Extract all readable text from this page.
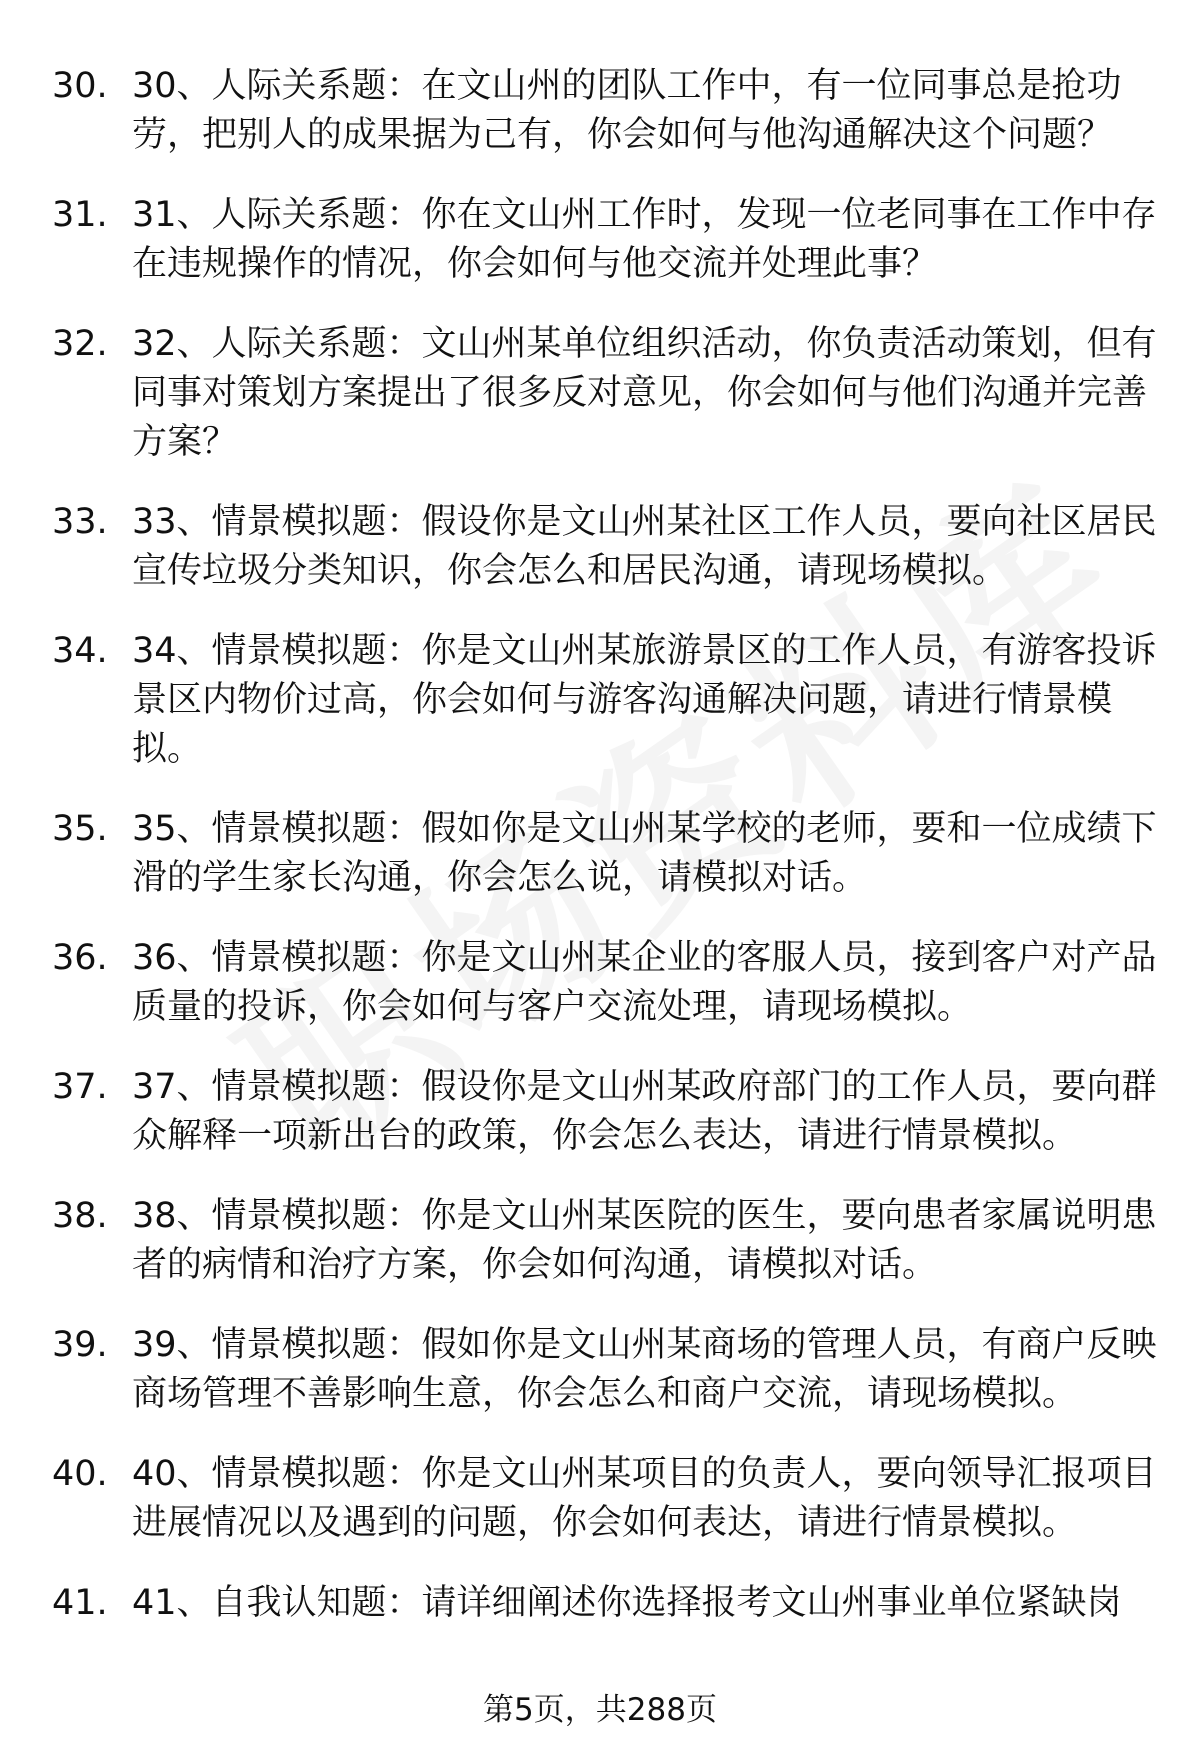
30. 30、人际关系题：在文山州的团队工作中，有一位同事总是抢功劳，把别人的成果据为己有，你会如何与他沟通解决这个问题？
31. 31、人际关系题：你在文山州工作时，发现一位老同事在工作中存在违规操作的情况，你会如何与他交流并处理此事？
32. 32、人际关系题：文山州某单位组织活动，你负责活动策划，但有同事对策划方案提出了很多反对意见，你会如何与他们沟通并完善方案？
33. 33、情景模拟题：假设你是文山州某社区工作人员，要向社区居民宣传垃圾分类知识，你会怎么和居民沟通，请现场模拟。
34. 34、情景模拟题：你是文山州某旅游景区的工作人员，有游客投诉景区内物价过高，你会如何与游客沟通解决问题，请进行情景模拟。
35. 35、情景模拟题：假如你是文山州某学校的老师，要和一位成绩下滑的学生家长沟通，你会怎么说，请模拟对话。
36. 36、情景模拟题：你是文山州某企业的客服人员，接到客户对产品质量的投诉，你会如何与客户交流处理，请现场模拟。
37. 37、情景模拟题：假设你是文山州某政府部门的工作人员，要向群众解释一项新出台的政策，你会怎么表达，请进行情景模拟。
38. 38、情景模拟题：你是文山州某医院的医生，要向患者家属说明患者的病情和治疗方案，你会如何沟通，请模拟对话。
39. 39、情景模拟题：假如你是文山州某商场的管理人员，有商户反映商场管理不善影响生意，你会怎么和商户交流，请现场模拟。
40. 40、情景模拟题：你是文山州某项目的负责人，要向领导汇报项目进展情况以及遇到的问题，你会如何表达，请进行情景模拟。
41. 41、自我认知题：请详细阐述你选择报考文山州事业单位紧缺岗
第5页，共288页
